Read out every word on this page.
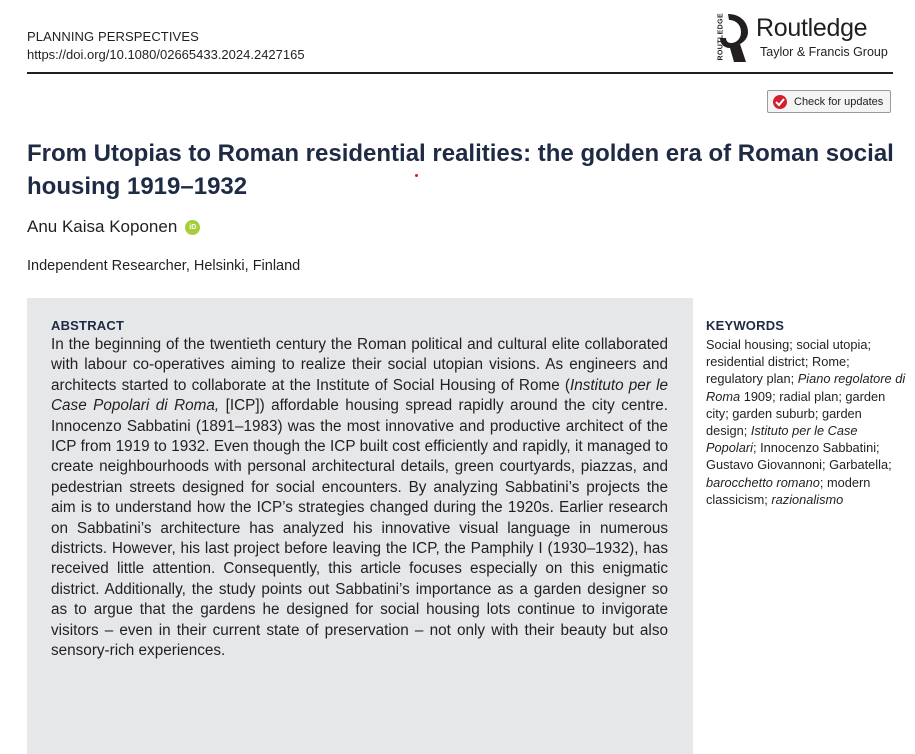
PLANNING PERSPECTIVES
https://doi.org/10.1080/02665433.2024.2427165	ROUTLEDGE Routledge
Taylor & Francis Group
Check for updates
From Utopias to Roman residential realities: the golden era of Roman social housing 1919–1932
Anu Kaisa Koponen	iD
Independent Researcher, Helsinki, Finland
ABSTRACT
In the beginning of the twentieth century the Roman political and cultural elite collaborated with labour co-operatives aiming to realize their social utopian visions. As engineers and architects started to collaborate at the Institute of Social Housing of Rome (Instituto per le Case Popolari di Roma, [ICP]) affordable housing spread rapidly around the city centre. Innocenzo Sabbatini (1891–1983) was the most innovative and productive architect of the ICP from 1919 to 1932. Even though the ICP built cost efficiently and rapidly, it managed to create neighbourhoods with personal architectural details, green courtyards, piazzas, and pedestrian streets designed for social encounters. By analyzing Sabbatini’s projects the aim is to understand how the ICP’s strategies changed during the 1920s. Earlier research on Sabbatini’s architecture has analyzed his innovative visual language in numerous districts. However, his last project before leaving the ICP, the Pamphily I (1930–1932), has received little attention. Consequently, this article focuses especially on this enigmatic district. Additionally, the study points out Sabbatini’s importance as a garden designer so as to argue that the gardens he designed for social housing lots continue to invigorate visitors – even in their current state of preservation – not only with their beauty but also sensory-rich experiences.
KEYWORDS
Social housing; social utopia; residential district; Rome; regulatory plan; Piano regolatore di Roma 1909; radial plan; garden city; garden suburb; garden design; Istituto per le Case Popolari; Innocenzo Sabbatini; Gustavo Giovannoni; Garbatella; barocchetto romano; modern classicism; razionalismo
